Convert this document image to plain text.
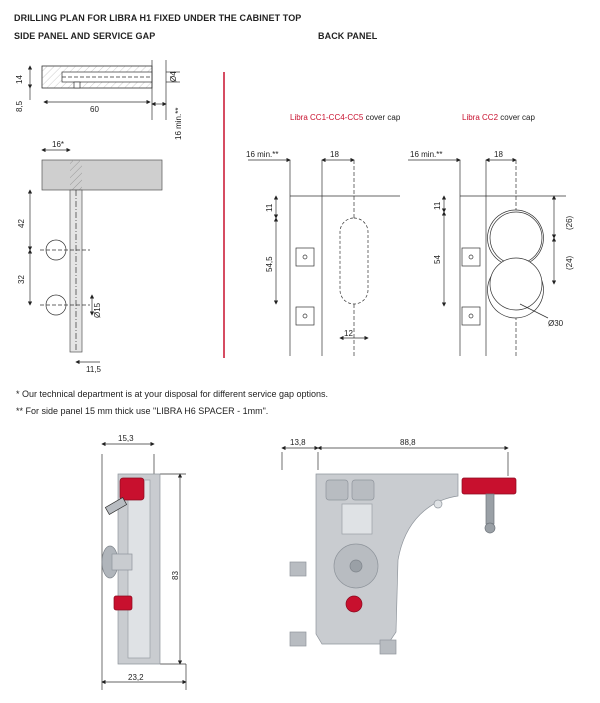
DRILLING PLAN FOR LIBRA H1 FIXED UNDER THE CABINET TOP
SIDE PANEL AND SERVICE GAP	BACK PANEL
Libra CC1-CC4-CC5 cover cap	Libra CC2 cover cap
* Our technical department is at your disposal for different service gap options.
** For side panel 15 mm thick use "LIBRA H6 SPACER - 1mm".
14
8,5	60
Ø4
16 min.**
16*
42
32
Ø15
11,5
16 min.**	18
11
54,5
12
16 min.**	18
11
54
(26)
(24)
Ø30
15,3
83
23,2
13,8	88,8
